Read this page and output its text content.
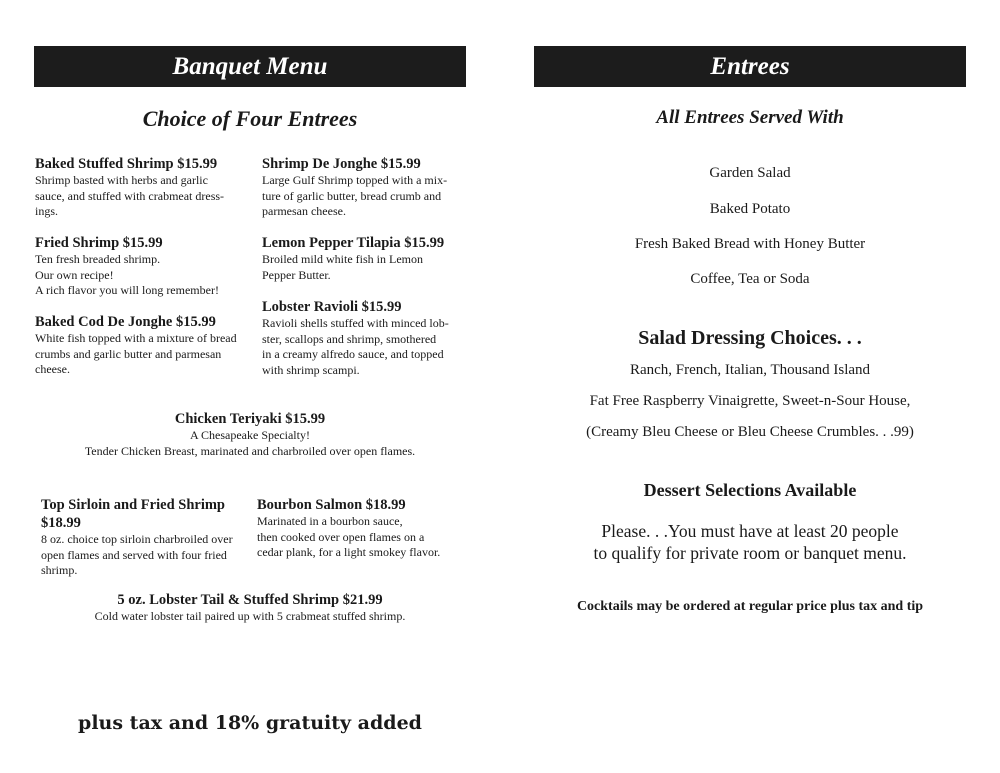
Banquet Menu
Choice of Four Entrees
Baked Stuffed Shrimp $15.99
Shrimp basted with herbs and garlic
sauce, and stuffed with crabmeat dress-
ings.
Shrimp De Jonghe $15.99
Large Gulf Shrimp topped with a mix-
ture of garlic butter, bread crumb and
parmesan cheese.
Fried Shrimp $15.99
Ten fresh breaded shrimp.
Our own recipe!
A rich flavor you will long remember!
Lemon Pepper Tilapia $15.99
Broiled mild white fish in Lemon
Pepper Butter.
Baked Cod De Jonghe $15.99
White fish topped with a mixture of bread
crumbs and garlic butter and parmesan
cheese.
Lobster Ravioli $15.99
Ravioli shells stuffed with minced lob-
ster, scallops and shrimp, smothered
in a creamy alfredo sauce, and topped
with shrimp scampi.
Chicken Teriyaki $15.99
A Chesapeake Specialty!
Tender Chicken Breast, marinated and charbroiled over open flames.
Top Sirloin and Fried Shrimp
$18.99
8 oz. choice top sirloin charbroiled over
open flames and served with four fried
shrimp.
Bourbon Salmon $18.99
Marinated in a bourbon sauce,
then cooked over open flames on a
cedar plank, for a light smokey flavor.
5 oz. Lobster Tail & Stuffed Shrimp $21.99
Cold water lobster tail paired up with 5 crabmeat stuffed shrimp.
plus tax and 18% gratuity added
Entrees
All Entrees Served With
Garden Salad
Baked Potato
Fresh Baked Bread with Honey Butter
Coffee, Tea or Soda
Salad Dressing Choices. . .
Ranch, French, Italian, Thousand Island
Fat Free Raspberry Vinaigrette, Sweet-n-Sour House,
(Creamy Bleu Cheese or Bleu Cheese Crumbles. . .99)
Dessert Selections Available
Please. . .You must have at least 20 people
to qualify for private room or banquet menu.
Cocktails may be ordered at regular price plus tax and tip
